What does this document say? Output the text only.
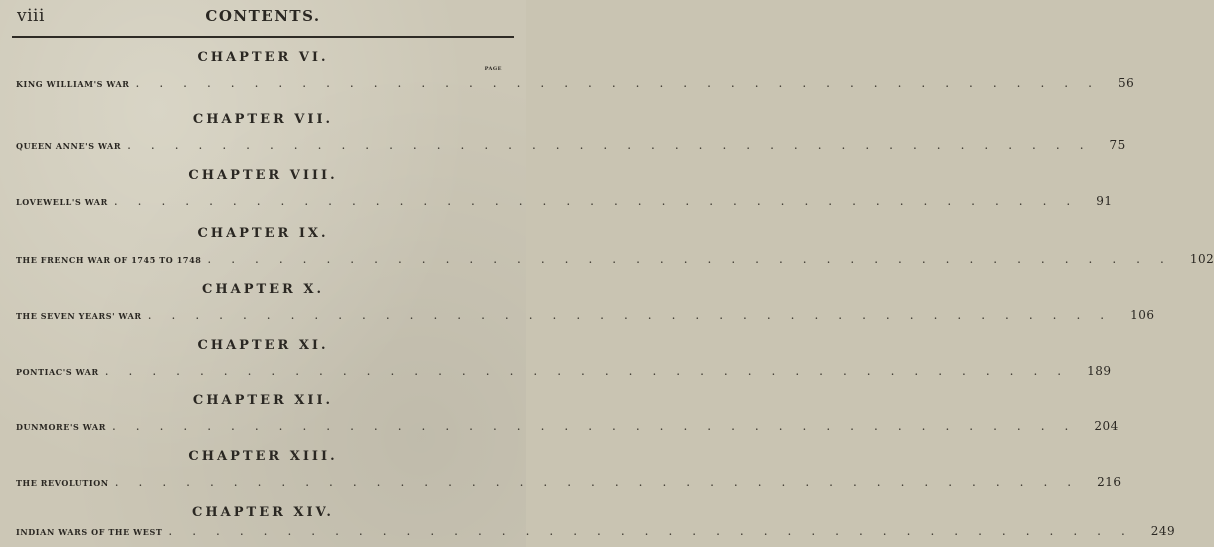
viii	CONTENTS.
CHAPTER VI.
PAGE
KING WILLIAM'S WAR ......................................... 56
CHAPTER VII.
QUEEN ANNE'S WAR ......................................... 75
CHAPTER VIII.
LOVEWELL'S WAR ......................................... 91
CHAPTER IX.
THE FRENCH WAR OF 1745 TO 1748 ......................................... 102
CHAPTER X.
THE SEVEN YEARS' WAR ......................................... 106
CHAPTER XI.
PONTIAC'S WAR ......................................... 189
CHAPTER XII.
DUNMORE'S WAR ......................................... 204
CHAPTER XIII.
THE REVOLUTION ......................................... 216
CHAPTER XIV.
INDIAN WARS OF THE WEST ......................................... 249
